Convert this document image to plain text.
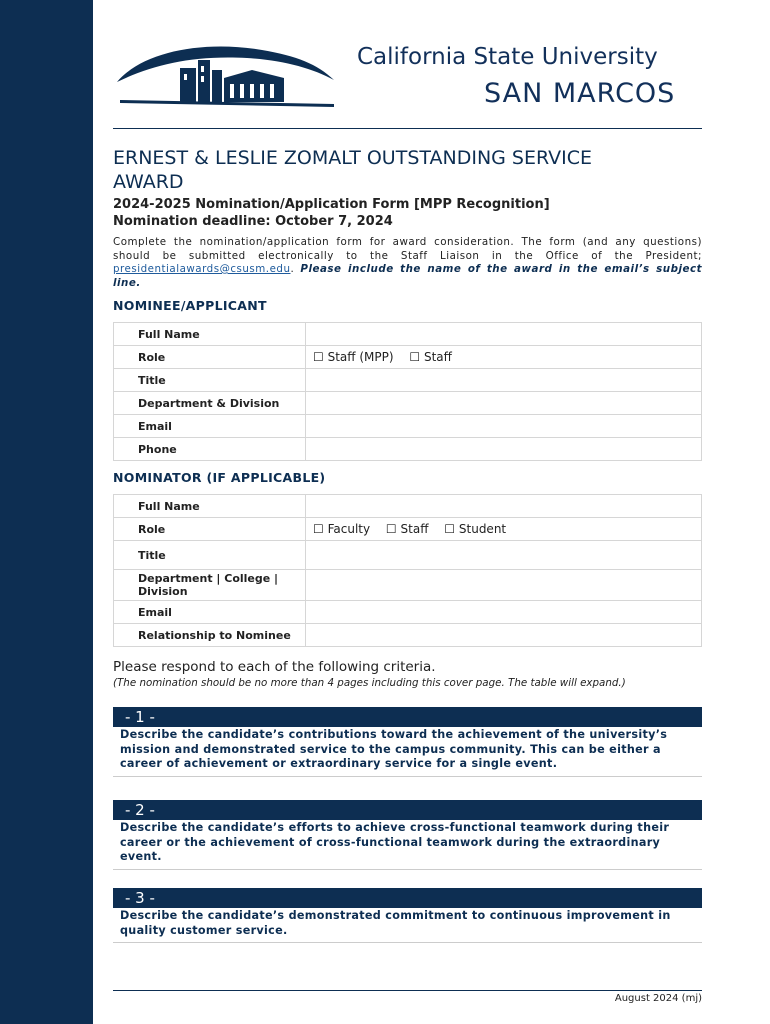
California State University
SAN MARCOS
ERNEST & LESLIE ZOMALT OUTSTANDING SERVICE
AWARD
2024-2025 Nomination/Application Form [MPP Recognition]
Nomination deadline: October 7, 2024
Complete the nomination/application form for award consideration. The form (and any questions) should be submitted electronically to the Staff Liaison in the Office of the President; presidentialawards@csusm.edu. Please include the name of the award in the email’s subject line.
NOMINEE/APPLICANT
Full Name	
Role	☐ Staff (MPP) ☐ Staff
Title	
Department & Division	
Email	
Phone	
NOMINATOR (IF APPLICABLE)
Full Name	
Role	☐ Faculty ☐ Staff ☐ Student
Title	
Department | College | Division	
Email	
Relationship to Nominee	
Please respond to each of the following criteria.
(The nomination should be no more than 4 pages including this cover page. The table will expand.)
- 1 -
Describe the candidate’s contributions toward the achievement of the university’s mission and demonstrated service to the campus community. This can be either a career of achievement or extraordinary service for a single event.
- 2 -
Describe the candidate’s efforts to achieve cross-functional teamwork during their career or the achievement of cross-functional teamwork during the extraordinary event.
- 3 -
Describe the candidate’s demonstrated commitment to continuous improvement in quality customer service.
August 2024 (mj)
